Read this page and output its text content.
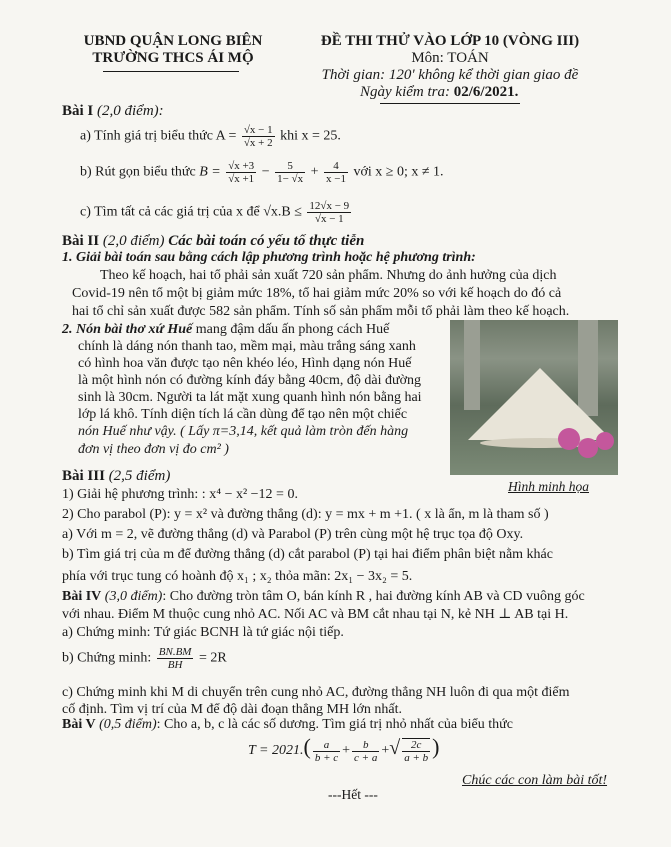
UBND QUẬN LONG BIÊN
TRƯỜNG THCS ÁI MỘ
ĐỀ THI THỬ VÀO LỚP 10 (VÒNG III)
Môn: TOÁN
Thời gian: 120' không kể thời gian giao đề
Ngày kiểm tra: 02/6/2021.
Bài I (2,0 điểm):
a) Tính giá trị biểu thức $A = \frac{√x - 1}{√x + 2}$ khi x = 25.
b) Rút gọn biểu thức $B = \frac{√x +3}{√x +1} - \frac{5}{1- √x} + \frac{4}{x -1}$ với x ≥ 0; x ≠ 1.
c) Tìm tất cả các giá trị của x để $√x.B \le \frac{12√x - 9}{√x - 1}$
Bài II (2,0 điểm) Các bài toán có yếu tố thực tiễn
1. Giải bài toán sau bằng cách lập phương trình hoặc hệ phương trình:
Theo kế hoạch, hai tổ phải sản xuất 720 sản phẩm. Nhưng do ảnh hưởng của dịch
Covid-19 nên tổ một bị giảm mức 18%, tổ hai giảm mức 20% so với kế hoạch do đó cả
hai tổ chỉ sản xuất được 582 sản phẩm. Tính số sản phẩm mỗi tổ phải làm theo kế hoạch.
2. Nón bài thơ xứ Huế mang đậm dấu ấn phong cách Huế
chính là dáng nón thanh tao, mềm mại, màu trắng sáng xanh
có hình hoa văn được tạo nên khéo léo, Hình dạng nón Huế
là một hình nón có đường kính đáy bằng 40cm, độ dài đường
sinh là 30cm. Người ta lát mặt xung quanh hình nón bằng hai
lớp lá khô. Tính diện tích lá cần dùng để tạo nên một chiếc
nón Huế như vậy. ( Lấy π=3,14, kết quả làm tròn đến hàng
đơn vị theo đơn vị đo cm² )
Hình minh họa
Bài III (2,5 điểm)
1) Giải hệ phương trình: : x⁴ − x² −12 = 0.
2) Cho parabol (P): y = x² và đường thẳng (d): y = mx + m +1. ( x là ẩn, m là tham số )
a) Với m = 2, vẽ đường thẳng (d) và Parabol (P) trên cùng một hệ trục tọa độ Oxy.
b) Tìm giá trị của m để đường thẳng (d) cắt parabol (P) tại hai điểm phân biệt nằm khác
phía với trục tung có hoành độ x₁ ; x₂ thỏa mãn: 2x₁ − 3x₂ = 5.
Bài IV (3,0 điểm): Cho đường tròn tâm O, bán kính R , hai đường kính AB và CD vuông góc
với nhau. Điểm M thuộc cung nhỏ AC. Nối AC và BM cắt nhau tại N, kẻ NH ⊥ AB tại H.
a) Chứng minh: Tứ giác BCNH là tứ giác nội tiếp.
b) Chứng minh: $\frac{BN.BM}{BH} = 2R$
c) Chứng minh khi M di chuyển trên cung nhỏ AC, đường thẳng NH luôn đi qua một điểm
cố định. Tìm vị trí của M để độ dài đoạn thẳng MH lớn nhất.
Bài V (0,5 điểm): Cho a, b, c là các số dương. Tìm giá trị nhỏ nhất của biểu thức
$T = 2021.( \frac{a}{b + c} + \frac{b}{c + a}$ +√ $\frac{2c}{a + b}$ )
---Hết ---
Chúc các con làm bài tốt!
